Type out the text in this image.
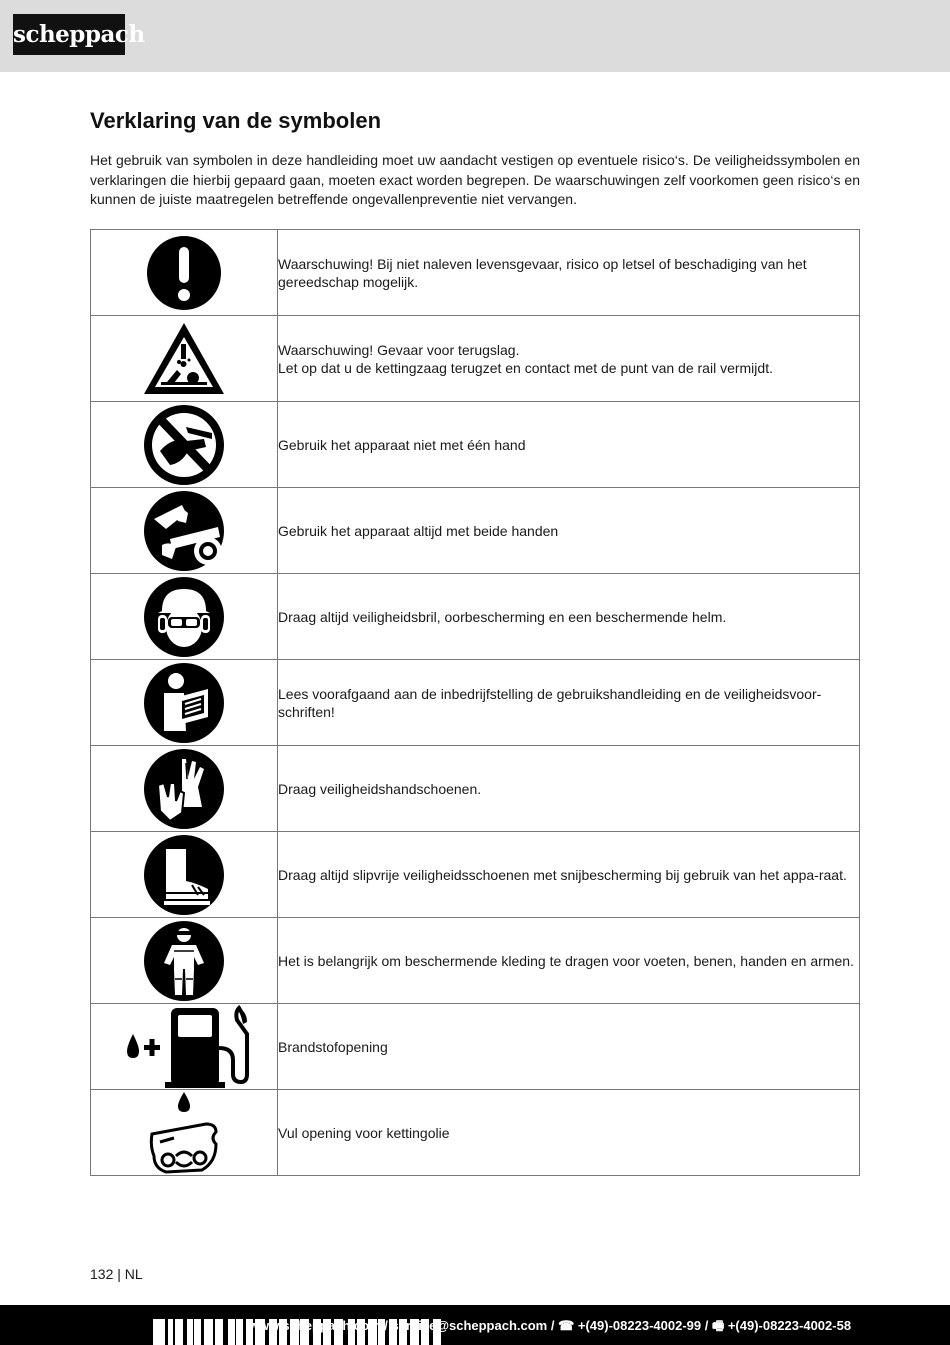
scheppach
Verklaring van de symbolen

Het gebruik van symbolen in deze handleiding moet uw aandacht vestigen op eventuele risico‘s. De veiligheidssymbolen en verklaringen die hierbij gepaard gaan, moeten exact worden begrepen. De waarschuwingen zelf voorkomen geen risico‘s en kunnen de juiste maatregelen betreffende ongevallenpreventie niet vervangen.

Waarschuwing! Bij niet naleven levensgevaar, risico op letsel of beschadiging van het gereedschap mogelijk.

Waarschuwing! Gevaar voor terugslag.
Let op dat u de kettingzaag terugzet en contact met de punt van de rail vermijdt.

Gebruik het apparaat niet met één hand

Gebruik het apparaat altijd met beide handen

Draag altijd veiligheidsbril, oorbescherming en een beschermende helm.

Lees voorafgaand aan de inbedrijfstelling de gebruikshandleiding en de veiligheidsvoor-schriften!

Draag veiligheidshandschoenen.

Draag altijd slipvrije veiligheidsschoenen met snijbescherming bij gebruik van het appa-raat.

Het is belangrijk om beschermende kleding te dragen voor voeten, benen, handen en armen.

Brandstofopening

Vul opening voor kettingolie
132 | NL
www.scheppach.com / service@scheppach.com / ☎ +(49)-08223-4002-99 / 🖷 +(49)-08223-4002-58
